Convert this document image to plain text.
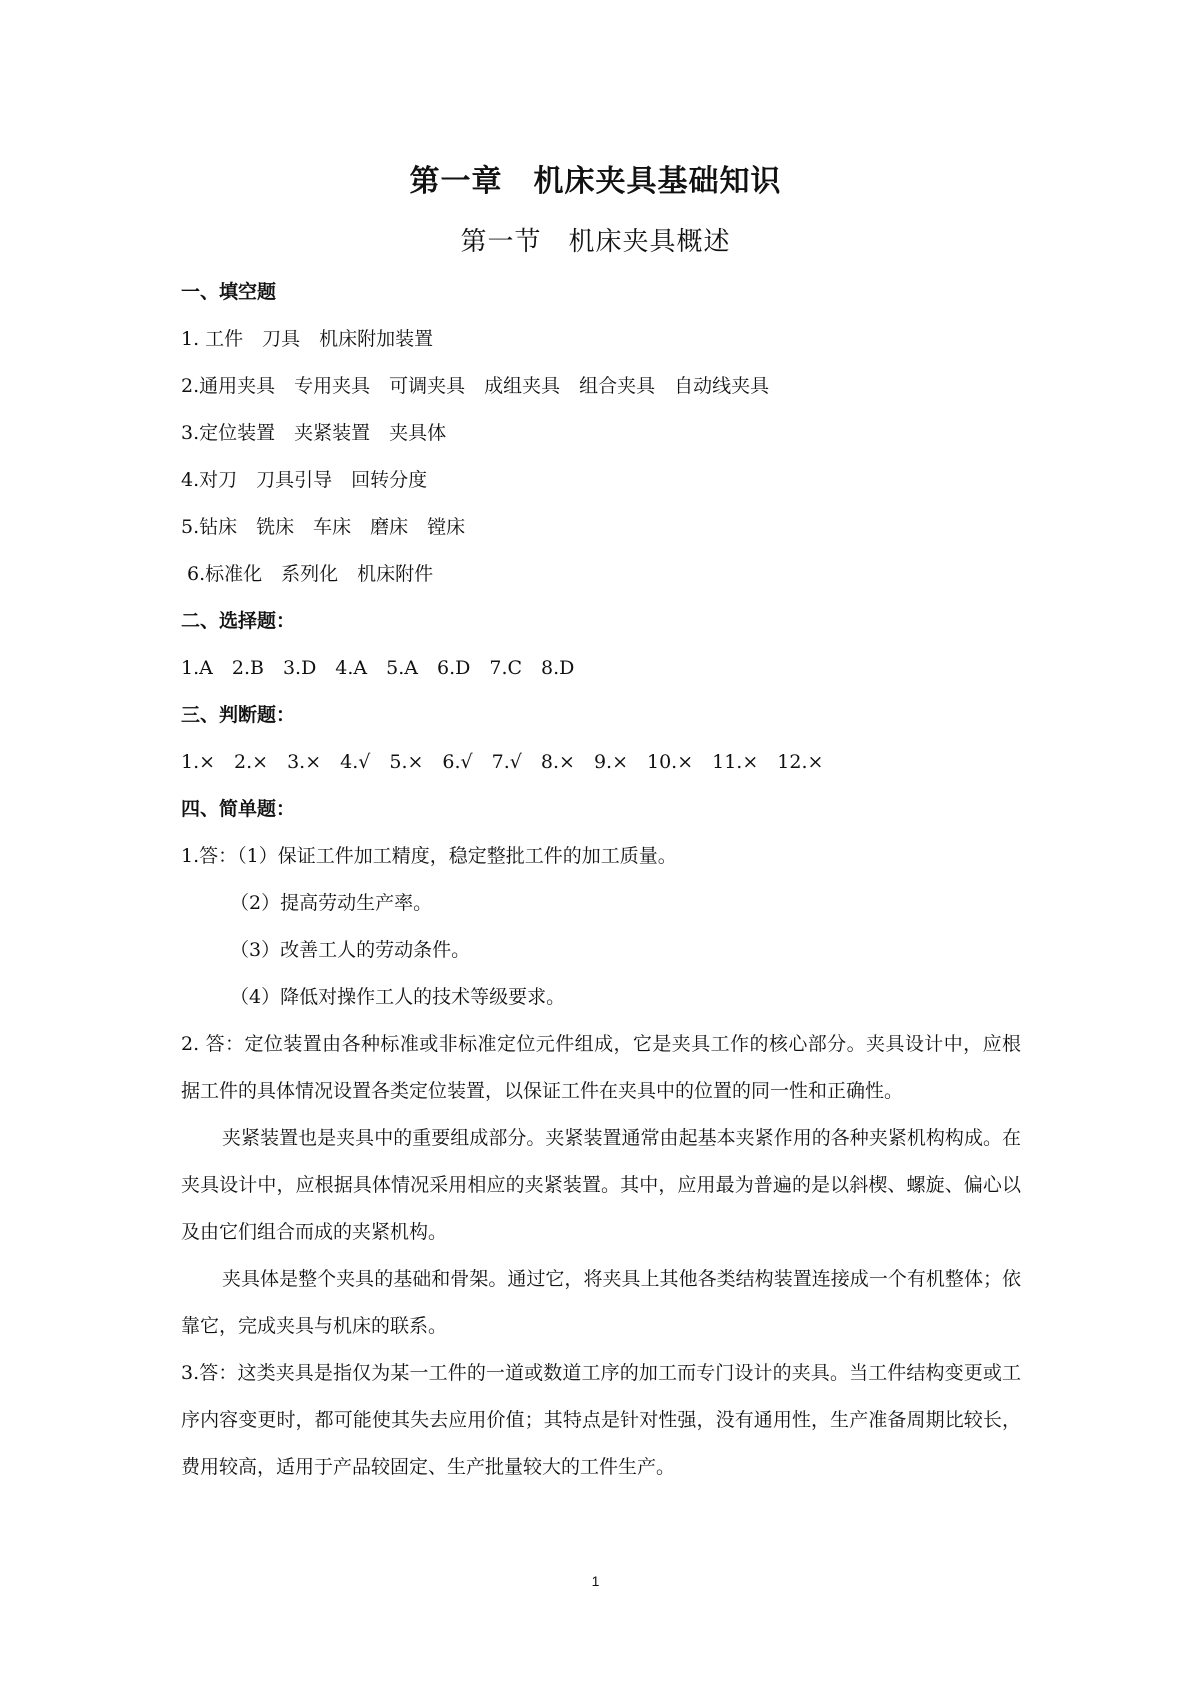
第一章　机床夹具基础知识
第一节　机床夹具概述
一、填空题
1. 工件　刀具　机床附加装置
2.通用夹具　专用夹具　可调夹具　成组夹具　组合夹具　自动线夹具
3.定位装置　夹紧装置　夹具体
4.对刀　刀具引导　回转分度
5.钻床　铣床　车床　磨床　镗床
6.标准化　系列化　机床附件
二、选择题：
1.A　2.B　3.D　4.A　5.A　6.D　7.C　8.D
三、判断题：
1.×　2.×　3.×　4.√　5.×　6.√　7.√　8.×　9.×　10.×　11.×　12.×
四、简单题：
1.答：（1）保证工件加工精度，稳定整批工件的加工质量。
（2）提高劳动生产率。
（3）改善工人的劳动条件。
（4）降低对操作工人的技术等级要求。

2. 答：定位装置由各种标准或非标准定位元件组成，它是夹具工作的核心部分。夹具设计中，应根据工件的具体情况设置各类定位装置，以保证工件在夹具中的位置的同一性和正确性。

夹紧装置也是夹具中的重要组成部分。夹紧装置通常由起基本夹紧作用的各种夹紧机构构成。在夹具设计中，应根据具体情况采用相应的夹紧装置。其中，应用最为普遍的是以斜楔、螺旋、偏心以及由它们组合而成的夹紧机构。

夹具体是整个夹具的基础和骨架。通过它，将夹具上其他各类结构装置连接成一个有机整体；依靠它，完成夹具与机床的联系。

3.答：这类夹具是指仅为某一工件的一道或数道工序的加工而专门设计的夹具。当工件结构变更或工序内容变更时，都可能使其失去应用价值；其特点是针对性强，没有通用性，生产准备周期比较长，费用较高，适用于产品较固定、生产批量较大的工件生产。

1
